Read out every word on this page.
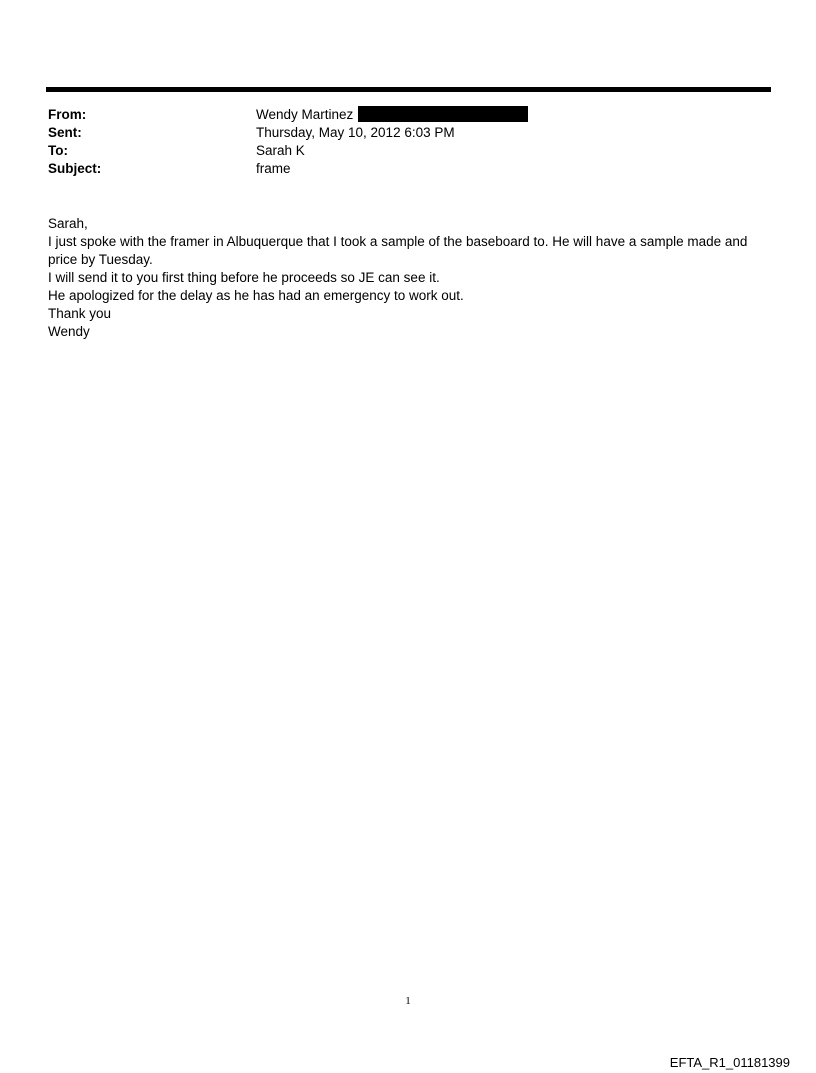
From:	Wendy Martinez
Sent:	Thursday, May 10, 2012 6:03 PM
To:	Sarah K
Subject:	frame

Sarah,

I just spoke with the framer in Albuquerque that I took a sample of the baseboard to. He will have a sample made and price by Tuesday.

I will send it to you first thing before he proceeds so JE can see it.

He apologized for the delay as he has had an emergency to work out.

Thank you

Wendy

1
EFTA_R1_01181399
